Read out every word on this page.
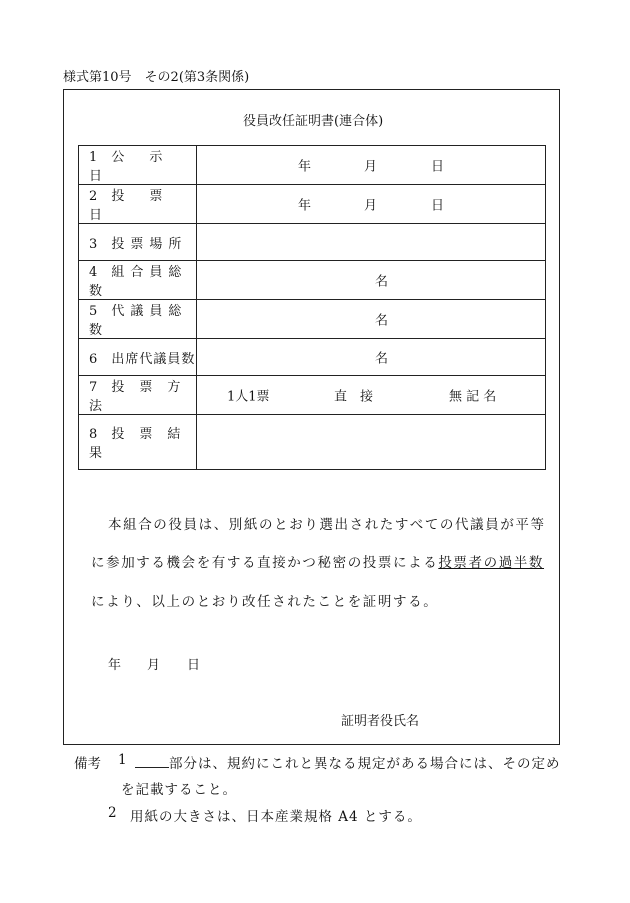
様式第10号　その2(第3条関係)
役員改任証明書(連合体)
1 公　示　日	年 月 日

2 投　票　日	年 月 日

3 投票場所	
4 組合員総数	名

5 代議員総数	名

6 出席代議員数	名

7 投　票　方　法	1人1票 直　接 無 記 名

8 投　票　結　果	
本組合の役員は、別紙のとおり選出されたすべての代議員が平等
に参加する機会を有する直接かつ秘密の投票による投票者の過半数
により、以上のとおり改任されたことを証明する。
年 月 日
証明者役氏名
備考 1	部分は、規約にこれと異なる規定がある場合には、その定め
を記載すること。
2 用紙の大きさは、日本産業規格 A4 とする。
